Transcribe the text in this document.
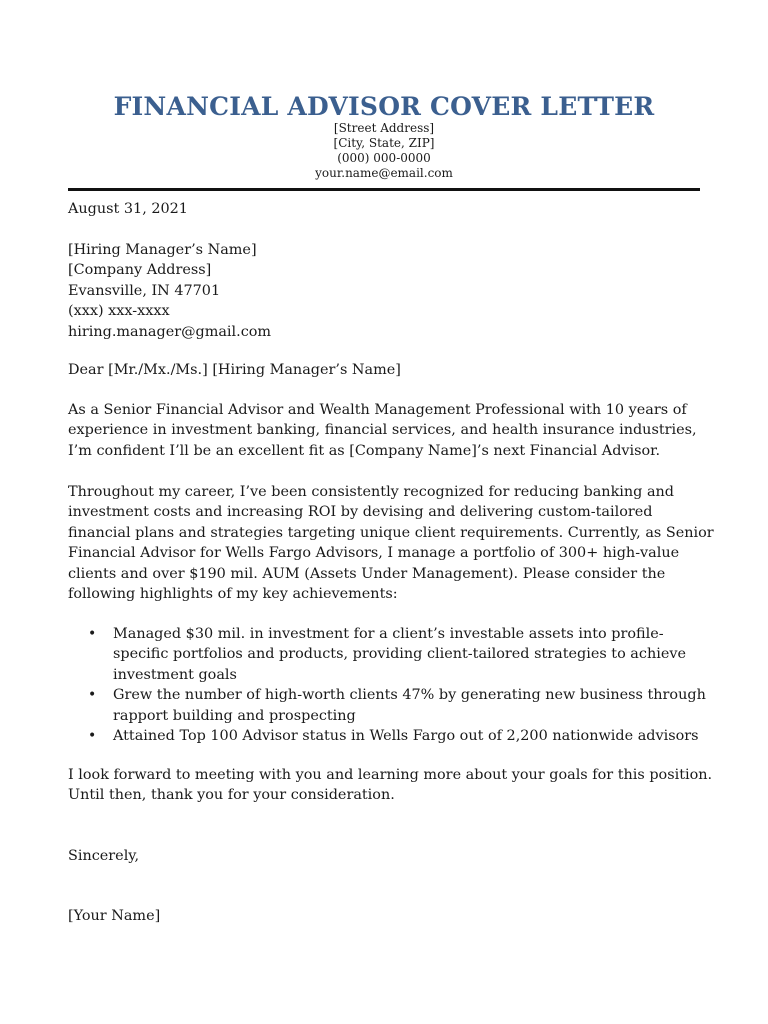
FINANCIAL ADVISOR COVER LETTER
[Street Address]
[City, State, ZIP]
(000) 000-0000
your.name@email.com
August 31, 2021
[Hiring Manager’s Name]
[Company Address]
Evansville, IN 47701
(xxx) xxx-xxxx
hiring.manager@gmail.com
Dear [Mr./Mx./Ms.] [Hiring Manager’s Name]
As a Senior Financial Advisor and Wealth Management Professional with 10 years of
experience in investment banking, financial services, and health insurance industries,
I’m confident I’ll be an excellent fit as [Company Name]’s next Financial Advisor.
Throughout my career, I’ve been consistently recognized for reducing banking and
investment costs and increasing ROI by devising and delivering custom-tailored
financial plans and strategies targeting unique client requirements. Currently, as Senior
Financial Advisor for Wells Fargo Advisors, I manage a portfolio of 300+ high-value
clients and over $190 mil. AUM (Assets Under Management). Please consider the
following highlights of my key achievements:
• Managed $30 mil. in investment for a client’s investable assets into profile-
specific portfolios and products, providing client-tailored strategies to achieve
investment goals
• Grew the number of high-worth clients 47% by generating new business through
rapport building and prospecting
• Attained Top 100 Advisor status in Wells Fargo out of 2,200 nationwide advisors
I look forward to meeting with you and learning more about your goals for this position.
Until then, thank you for your consideration.
Sincerely,
[Your Name]
